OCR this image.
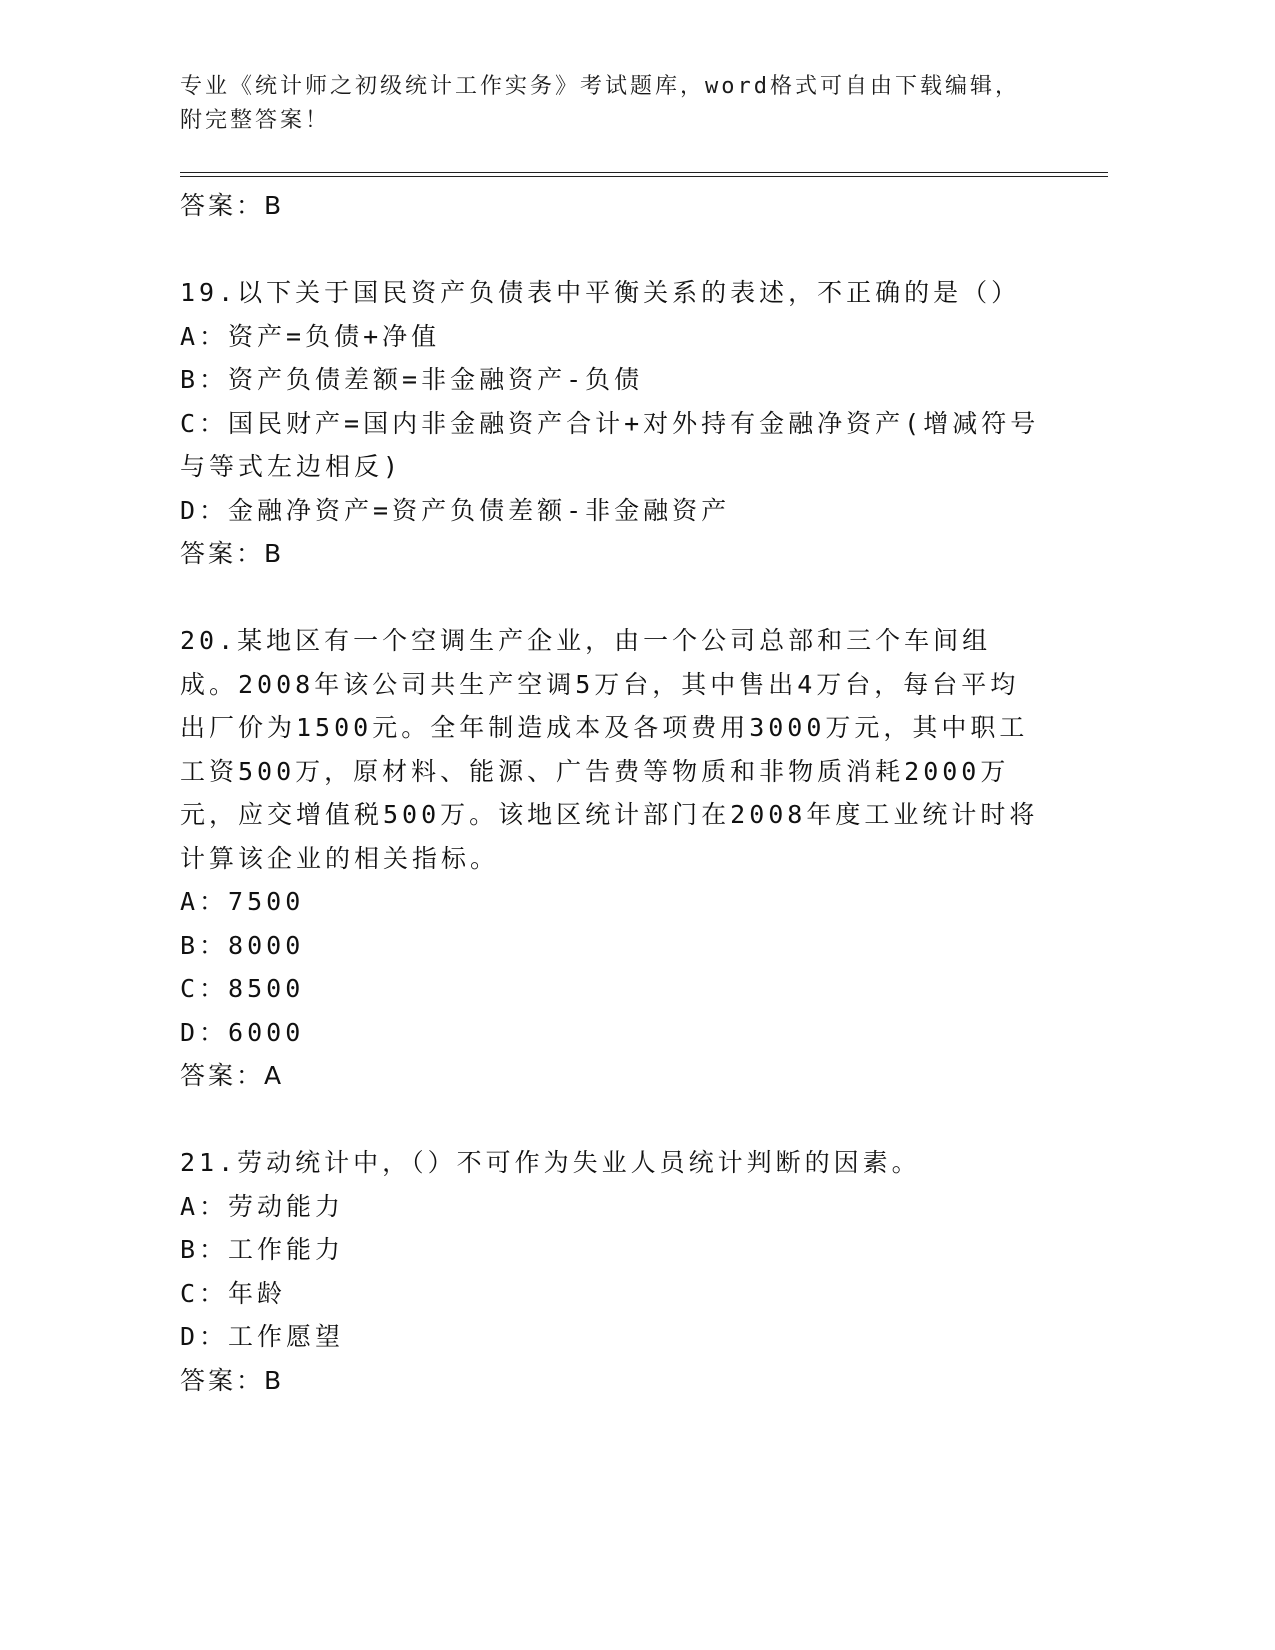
专业《统计师之初级统计工作实务》考试题库，word格式可自由下载编辑，附完整答案！
答案：B
19.以下关于国民资产负债表中平衡关系的表述，不正确的是（）
A：资产=负债+净值
B：资产负债差额=非金融资产-负债
C：国民财产=国内非金融资产合计+对外持有金融净资产(增减符号与等式左边相反)
D：金融净资产=资产负债差额-非金融资产
答案：B
20.某地区有一个空调生产企业，由一个公司总部和三个车间组成。2008年该公司共生产空调5万台，其中售出4万台，每台平均出厂价为1500元。全年制造成本及各项费用3000万元，其中职工工资500万，原材料、能源、广告费等物质和非物质消耗2000万元，应交增值税500万。该地区统计部门在2008年度工业统计时将计算该企业的相关指标。
A：7500
B：8000
C：8500
D：6000
答案：A
21.劳动统计中，（）不可作为失业人员统计判断的因素。
A：劳动能力
B：工作能力
C：年龄
D：工作愿望
答案：B
